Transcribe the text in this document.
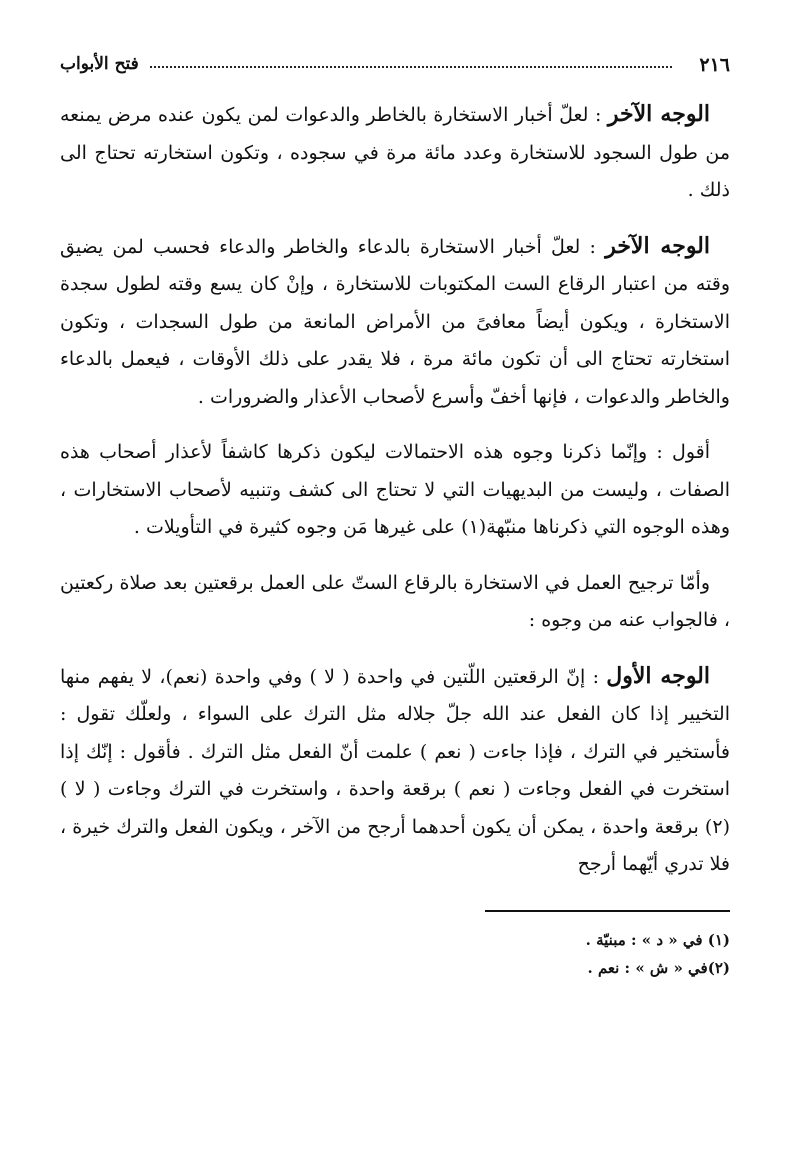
٢١٦
فتح الأبواب

الوجه الآخر : لعلّ أخبار الاستخارة بالخاطر والدعوات لمن يكون عنده مرض يمنعه من طول السجود للاستخارة وعدد مائة مرة في سجوده ، وتكون استخارته تحتاج الى ذلك .

الوجه الآخر : لعلّ أخبار الاستخارة بالدعاء والخاطر والدعاء فحسب لمن يضيق وقته من اعتبار الرقاع الست المكتوبات للاستخارة ، وإنْ كان يسع وقته لطول سجدة الاستخارة ، ويكون أيضاً معافىً من الأمراض المانعة من طول السجدات ، وتكون استخارته تحتاج الى أن تكون مائة مرة ، فلا يقدر على ذلك الأوقات ، فيعمل بالدعاء والخاطر والدعوات ، فإنها أخفّ وأسرع لأصحاب الأعذار والضرورات .

أقول : وإنّما ذكرنا وجوه هذه الاحتمالات ليكون ذكرها كاشفاً لأعذار أصحاب هذه الصفات ، وليست من البديهيات التي لا تحتاج الى كشف وتنبيه لأصحاب الاستخارات ، وهذه الوجوه التي ذكرناها منبّهة(١) على غيرها مَن وجوه كثيرة في التأويلات .

وأمّا ترجيح العمل في الاستخارة بالرقاع الستّ على العمل برقعتين بعد صلاة ركعتين ، فالجواب عنه من وجوه :

الوجه الأول : إنّ الرقعتين اللّتين في واحدة ( لا ) وفي واحدة (نعم)، لا يفهم منها التخيير إذا كان الفعل عند الله جلّ جلاله مثل الترك على السواء ، ولعلّك تقول : فأستخير في الترك ، فإذا جاءت ( نعم ) علمت أنّ الفعل مثل الترك . فأقول : إنّك إذا استخرت في الفعل وجاءت ( نعم ) برقعة واحدة ، واستخرت في الترك وجاءت ( لا )(٢) برقعة واحدة ، يمكن أن يكون أحدهما أرجح من الآخر ، ويكون الفعل والترك خيرة ، فلا تدري أيّهما أرجح

(١) في « د » : مبنيّة .

(٢)في « ش » : نعم .
